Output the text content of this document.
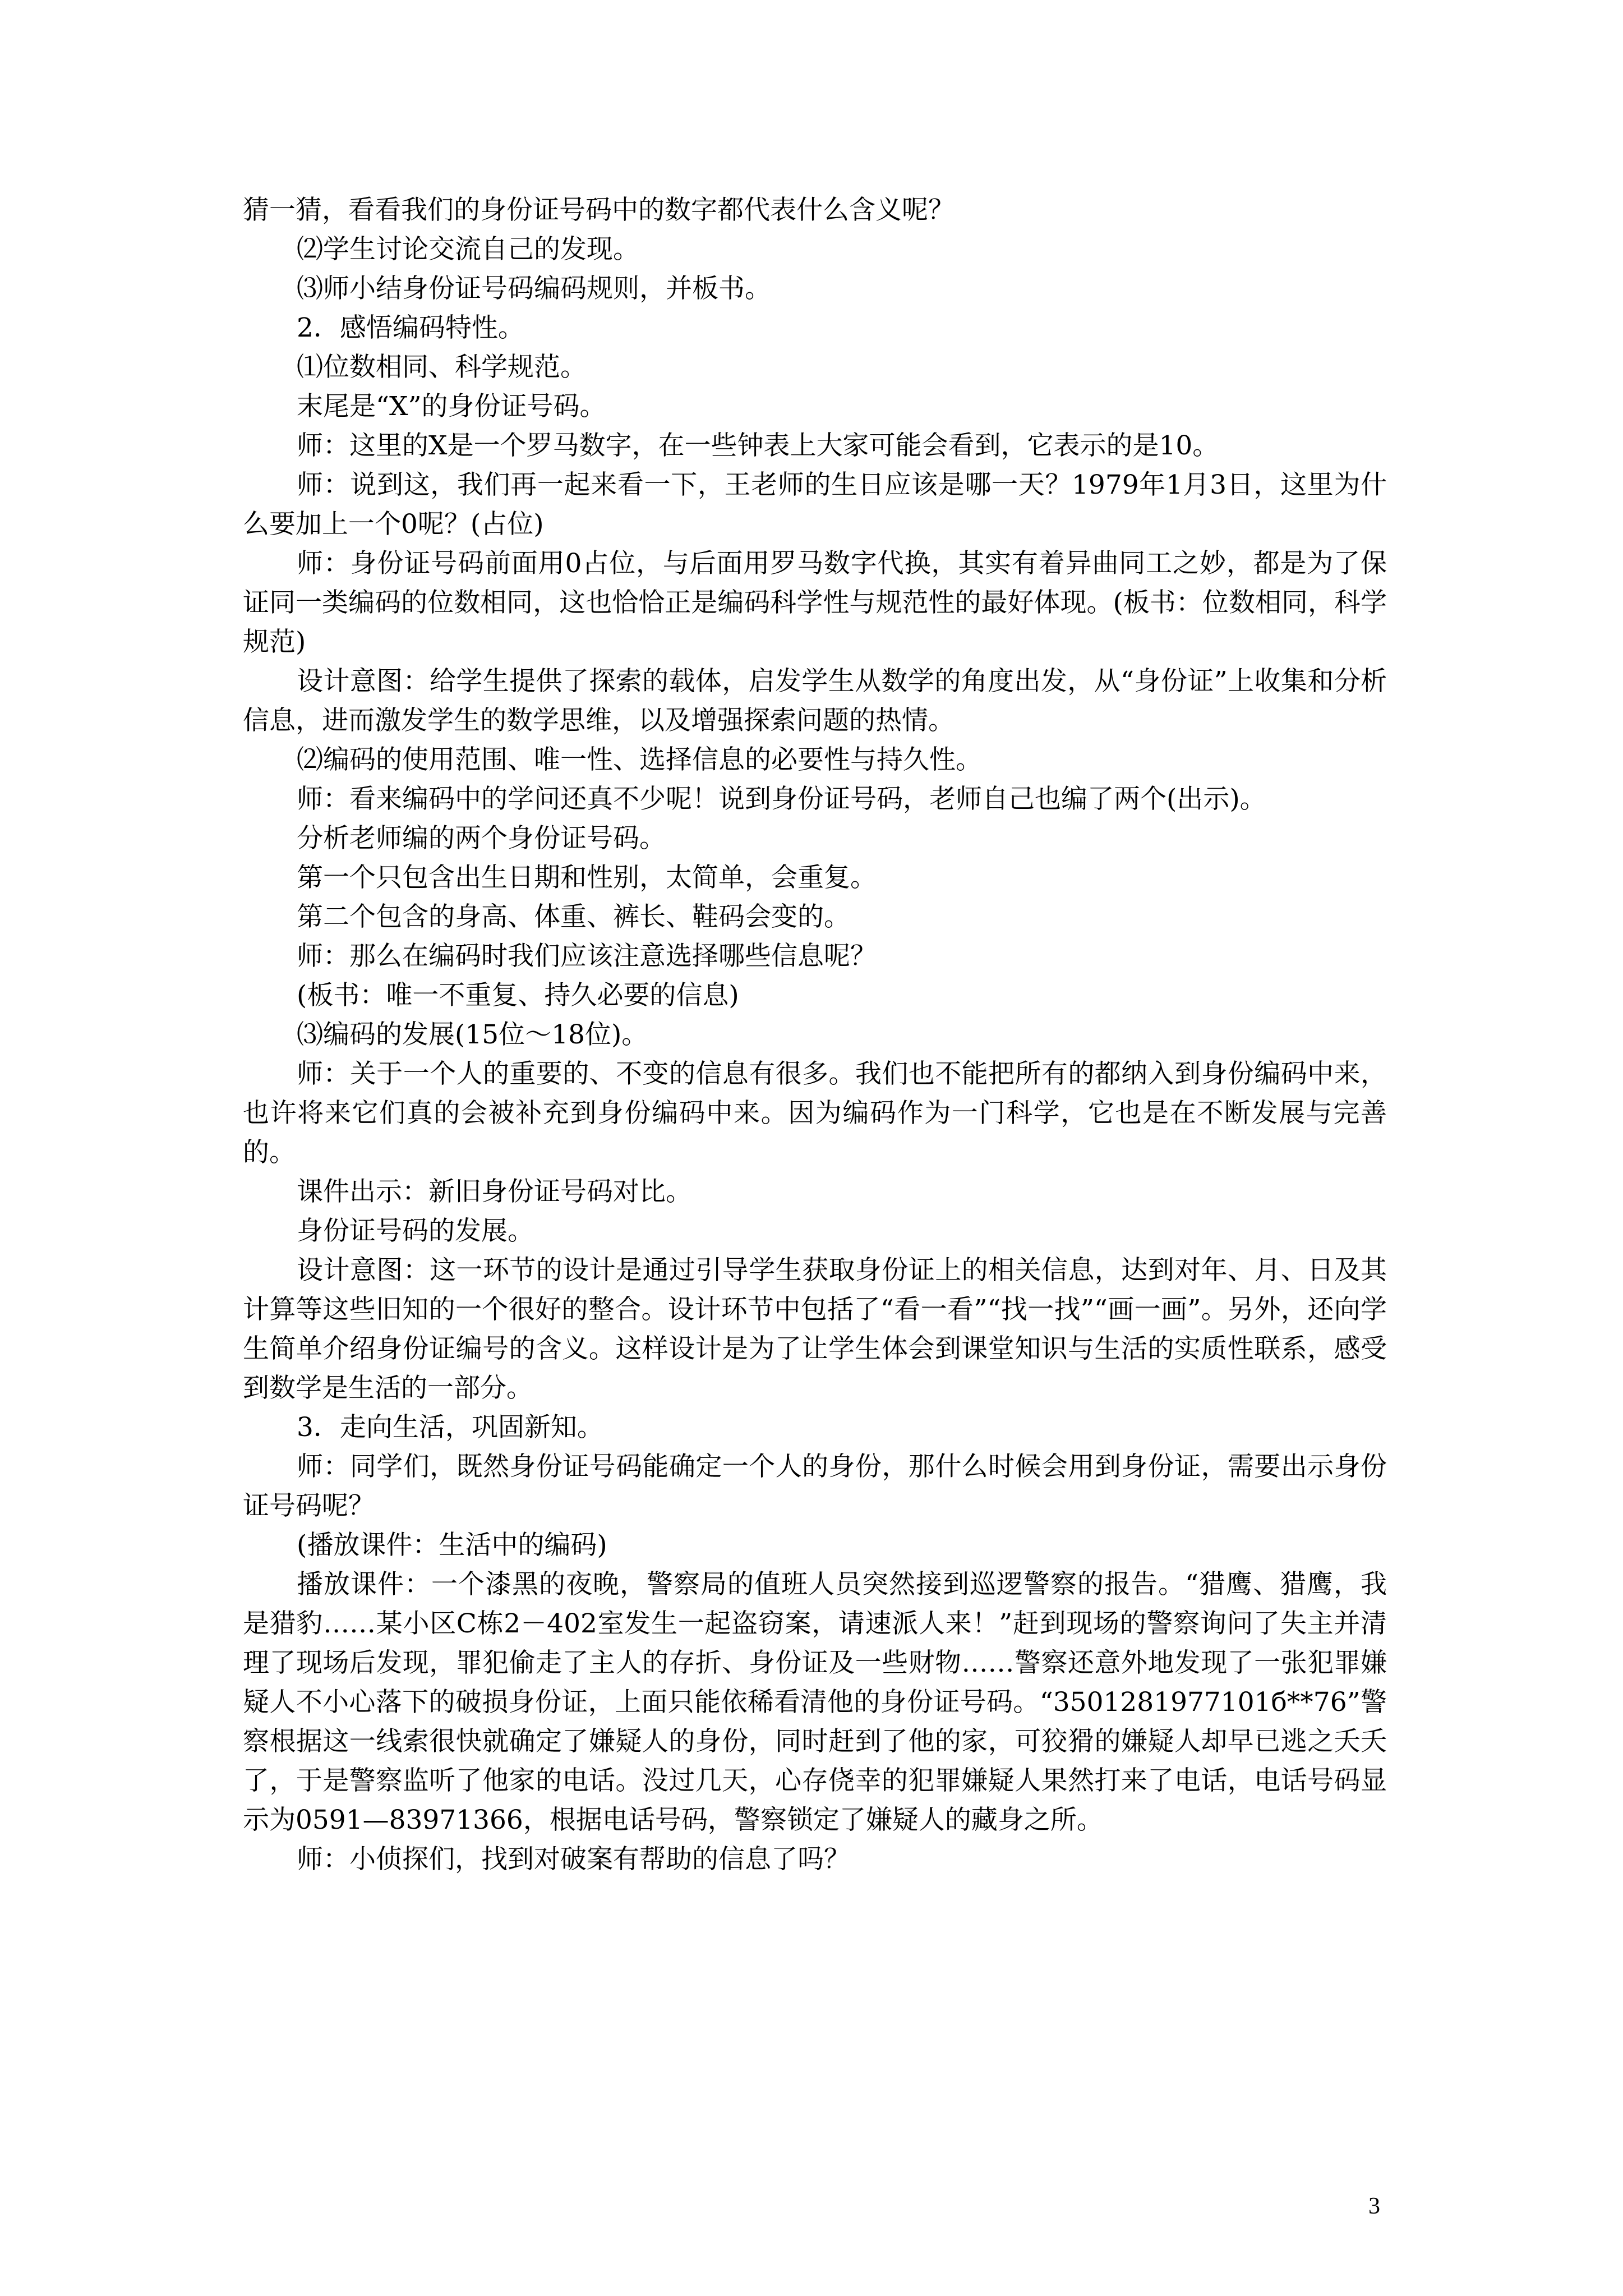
猜一猜，看看我们的身份证号码中的数字都代表什么含义呢？

⑵学生讨论交流自己的发现。

⑶师小结身份证号码编码规则，并板书。

2．感悟编码特性。

⑴位数相同、科学规范。

末尾是“X”的身份证号码。

师：这里的X是一个罗马数字，在一些钟表上大家可能会看到，它表示的是10。

师：说到这，我们再一起来看一下，王老师的生日应该是哪一天？1979年1月3日，这里为什么要加上一个0呢？(占位)

师：身份证号码前面用0占位，与后面用罗马数字代换，其实有着异曲同工之妙，都是为了保证同一类编码的位数相同，这也恰恰正是编码科学性与规范性的最好体现。(板书：位数相同，科学规范)

设计意图：给学生提供了探索的载体，启发学生从数学的角度出发，从“身份证”上收集和分析信息，进而激发学生的数学思维，以及增强探索问题的热情。

⑵编码的使用范围、唯一性、选择信息的必要性与持久性。

师：看来编码中的学问还真不少呢！说到身份证号码，老师自己也编了两个(出示)。

分析老师编的两个身份证号码。

第一个只包含出生日期和性别，太简单，会重复。

第二个包含的身高、体重、裤长、鞋码会变的。

师：那么在编码时我们应该注意选择哪些信息呢？

(板书：唯一不重复、持久必要的信息)

⑶编码的发展(15位～18位)。

师：关于一个人的重要的、不变的信息有很多。我们也不能把所有的都纳入到身份编码中来，也许将来它们真的会被补充到身份编码中来。因为编码作为一门科学，它也是在不断发展与完善的。

课件出示：新旧身份证号码对比。

身份证号码的发展。

设计意图：这一环节的设计是通过引导学生获取身份证上的相关信息，达到对年、月、日及其计算等这些旧知的一个很好的整合。设计环节中包括了“看一看”“找一找”“画一画”。另外，还向学生简单介绍身份证编号的含义。这样设计是为了让学生体会到课堂知识与生活的实质性联系，感受到数学是生活的一部分。

3．走向生活，巩固新知。

师：同学们，既然身份证号码能确定一个人的身份，那什么时候会用到身份证，需要出示身份证号码呢？

(播放课件：生活中的编码)

播放课件：一个漆黑的夜晚，警察局的值班人员突然接到巡逻警察的报告。“猎鹰、猎鹰，我是猎豹……某小区C栋2－402室发生一起盗窃案，请速派人来！”赶到现场的警察询问了失主并清理了现场后发现，罪犯偷走了主人的存折、身份证及一些财物……警察还意外地发现了一张犯罪嫌疑人不小心落下的破损身份证，上面只能依稀看清他的身份证号码。“3501281977101б**76”警察根据这一线索很快就确定了嫌疑人的身份，同时赶到了他的家，可狡猾的嫌疑人却早已逃之夭夭了，于是警察监听了他家的电话。没过几天，心存侥幸的犯罪嫌疑人果然打来了电话，电话号码显示为0591—83971366，根据电话号码，警察锁定了嫌疑人的藏身之所。

师：小侦探们，找到对破案有帮助的信息了吗？

3
